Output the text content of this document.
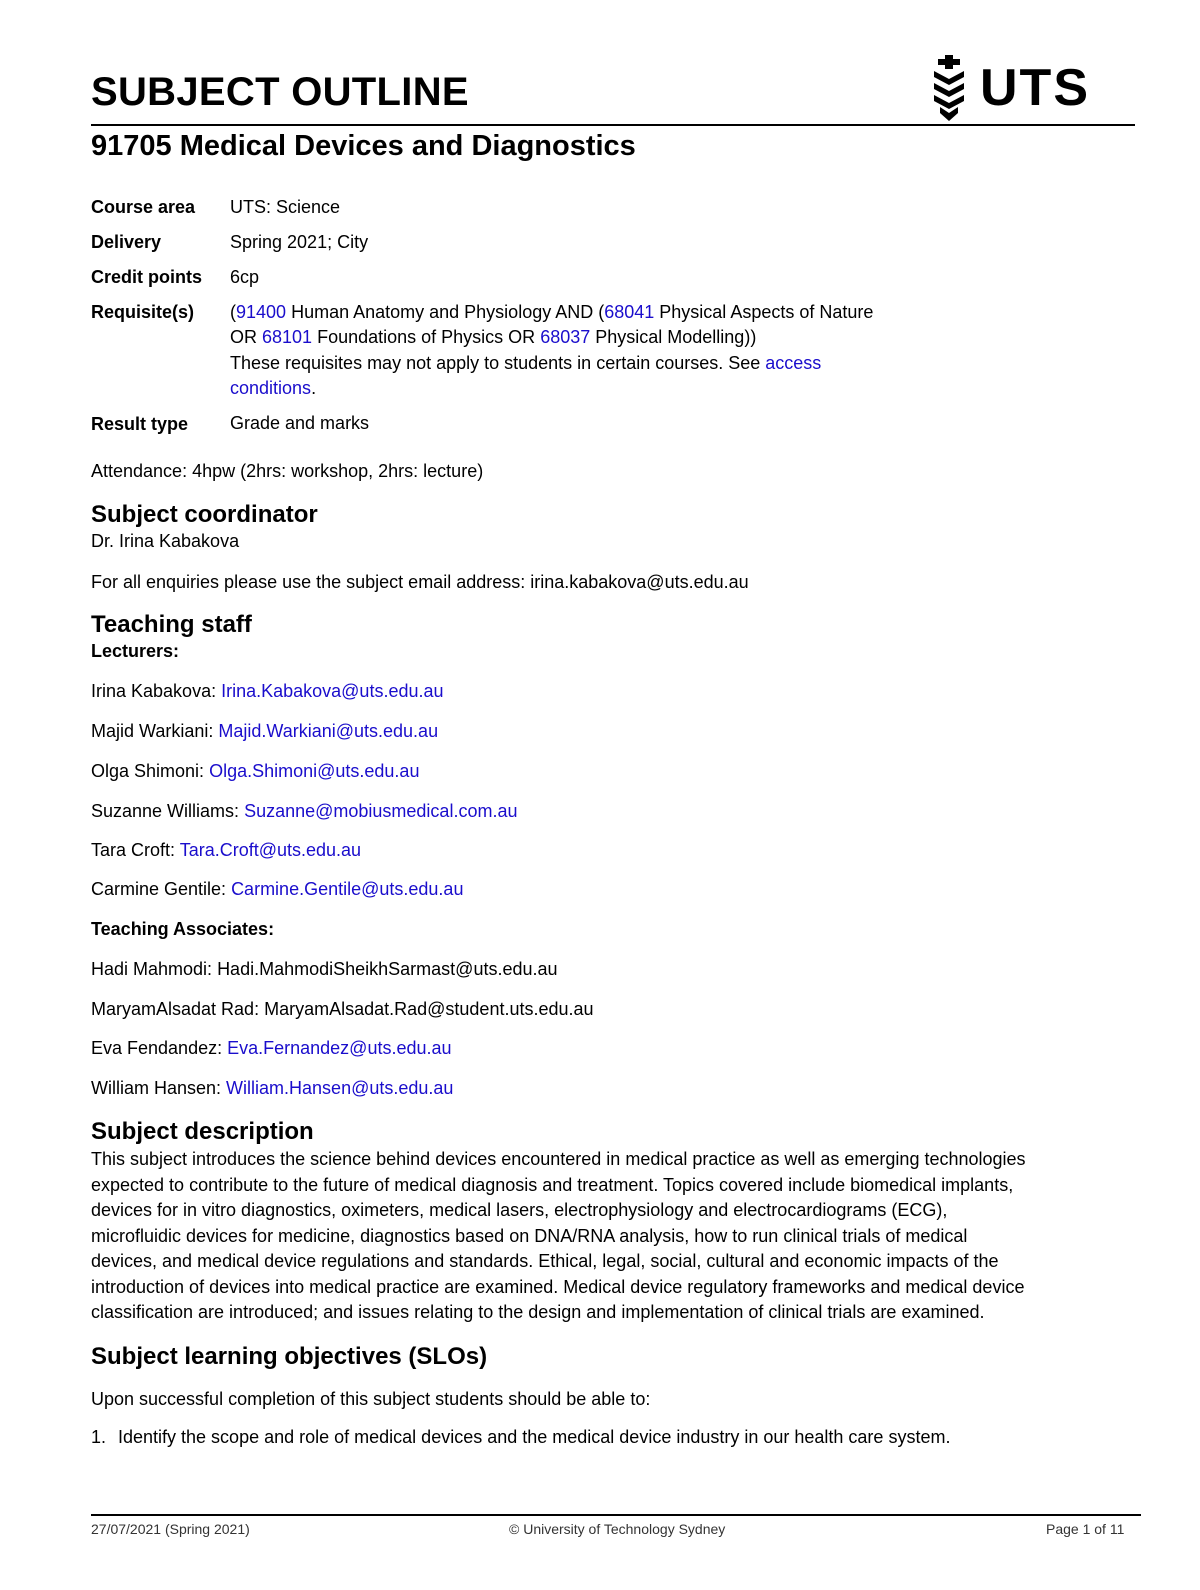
SUBJECT OUTLINE	UTS
91705 Medical Devices and Diagnostics
Course area	UTS: Science
Delivery	Spring 2021; City
Credit points	6cp
Requisite(s)	(91400 Human Anatomy and Physiology AND (68041 Physical Aspects of Nature
OR 68101 Foundations of Physics OR 68037 Physical Modelling))
These requisites may not apply to students in certain courses. See access
conditions.
Result type	Grade and marks
Attendance: 4hpw (2hrs: workshop, 2hrs: lecture)
Subject coordinator
Dr. Irina Kabakova
For all enquiries please use the subject email address: irina.kabakova@uts.edu.au
Teaching staff
Lecturers:
Irina Kabakova: Irina.Kabakova@uts.edu.au
Majid Warkiani: Majid.Warkiani@uts.edu.au
Olga Shimoni: Olga.Shimoni@uts.edu.au
Suzanne Williams: Suzanne@mobiusmedical.com.au
Tara Croft: Tara.Croft@uts.edu.au
Carmine Gentile: Carmine.Gentile@uts.edu.au
Teaching Associates:
Hadi Mahmodi: Hadi.MahmodiSheikhSarmast@uts.edu.au
MaryamAlsadat Rad: MaryamAlsadat.Rad@student.uts.edu.au
Eva Fendandez: Eva.Fernandez@uts.edu.au
William Hansen: William.Hansen@uts.edu.au
Subject description
This subject introduces the science behind devices encountered in medical practice as well as emerging technologies
expected to contribute to the future of medical diagnosis and treatment. Topics covered include biomedical implants,
devices for in vitro diagnostics, oximeters, medical lasers, electrophysiology and electrocardiograms (ECG),
microfluidic devices for medicine, diagnostics based on DNA/RNA analysis, how to run clinical trials of medical
devices, and medical device regulations and standards. Ethical, legal, social, cultural and economic impacts of the
introduction of devices into medical practice are examined. Medical device regulatory frameworks and medical device
classification are introduced; and issues relating to the design and implementation of clinical trials are examined.
Subject learning objectives (SLOs)
Upon successful completion of this subject students should be able to:
1. Identify the scope and role of medical devices and the medical device industry in our health care system.
27/07/2021 (Spring 2021)	© University of Technology Sydney	Page 1 of 11
